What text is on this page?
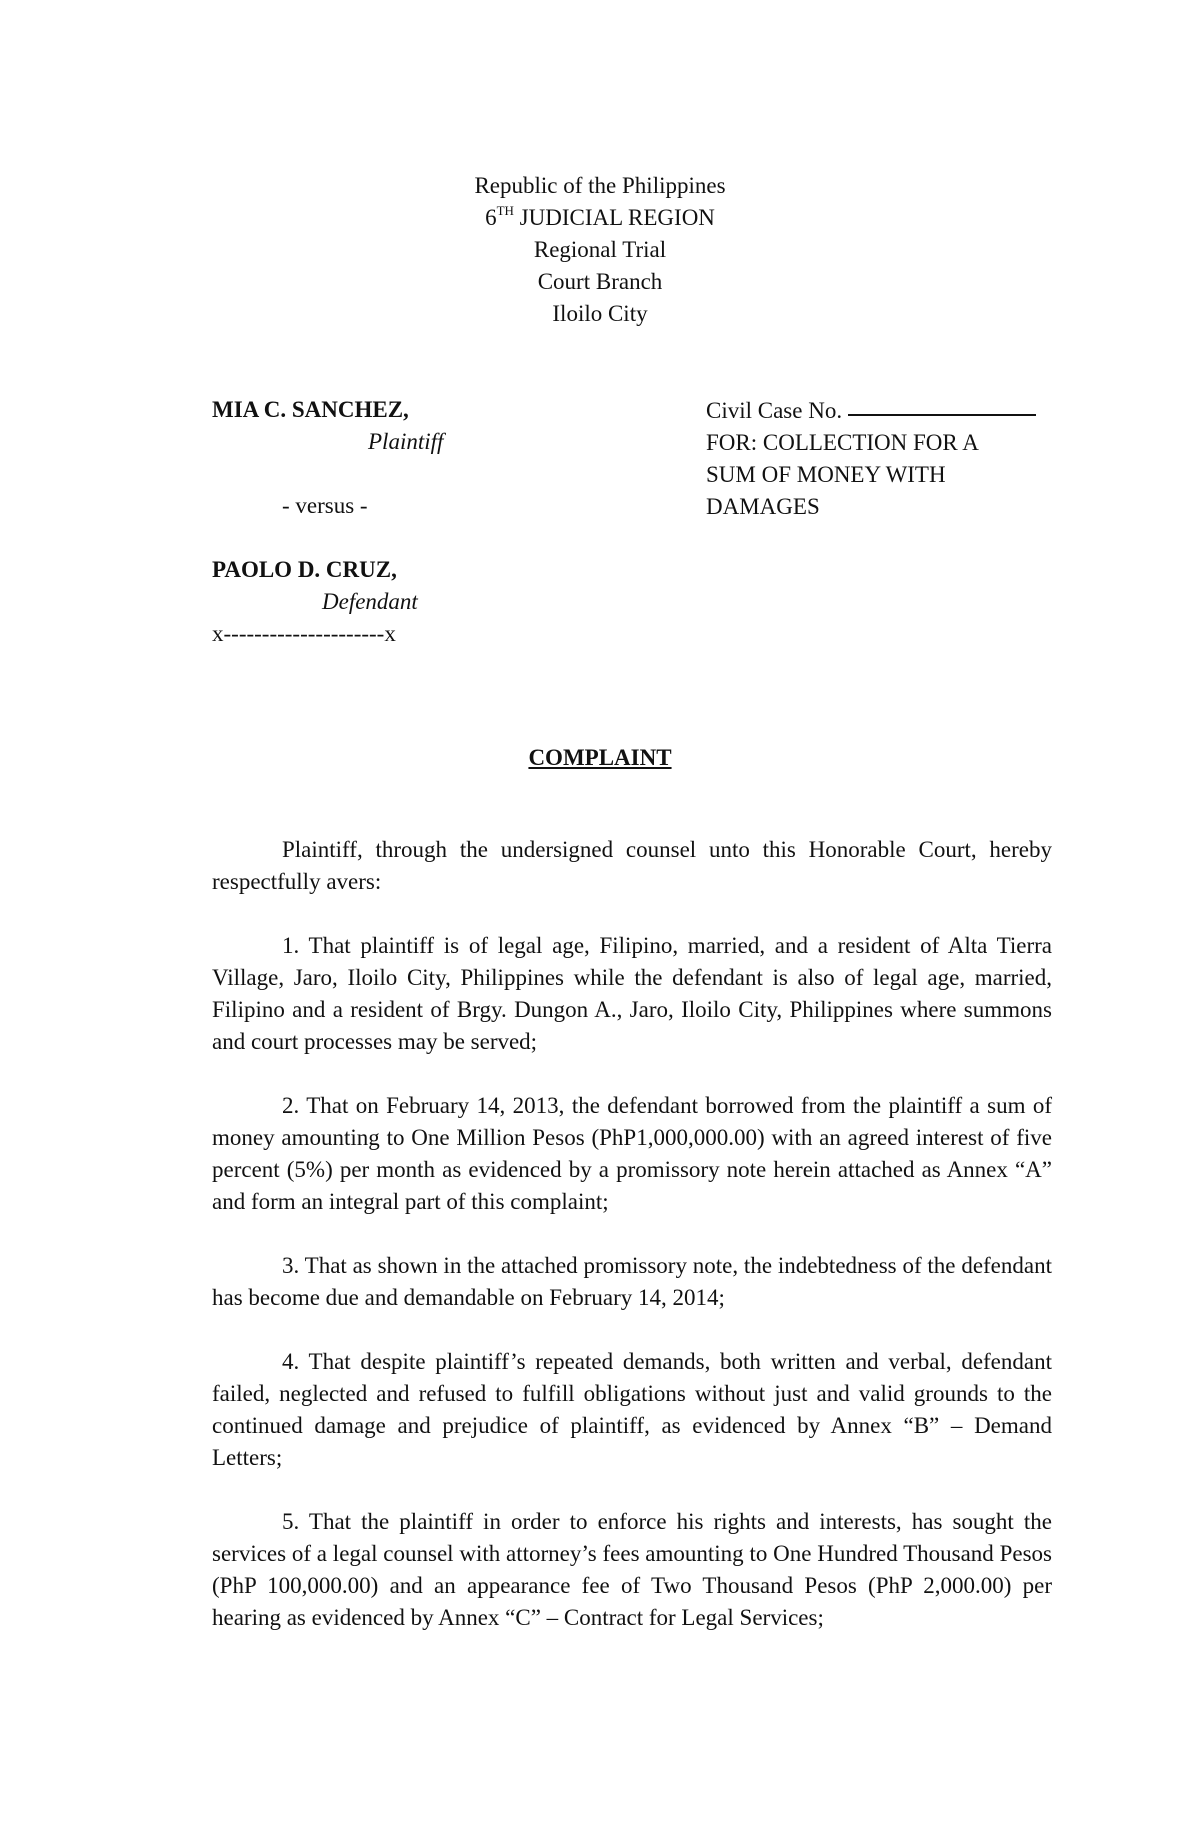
Republic of the Philippines
6TH JUDICIAL REGION
Regional Trial
Court Branch
Iloilo City
MIA C. SANCHEZ,
Plaintiff
- versus -
PAOLO D. CRUZ,
Defendant
x---------------------x
Civil Case No.
FOR: COLLECTION FOR A
SUM OF MONEY WITH
DAMAGES
COMPLAINT

Plaintiff, through the undersigned counsel unto this Honorable Court, hereby respectfully avers:

1. That plaintiff is of legal age, Filipino, married, and a resident of Alta Tierra Village, Jaro, Iloilo City, Philippines while the defendant is also of legal age, married, Filipino and a resident of Brgy. Dungon A., Jaro, Iloilo City, Philippines where summons and court processes may be served;

2. That on February 14, 2013, the defendant borrowed from the plaintiff a sum of money amounting to One Million Pesos (PhP1,000,000.00) with an agreed interest of five percent (5%) per month as evidenced by a promissory note herein attached as Annex “A” and form an integral part of this complaint;

3. That as shown in the attached promissory note, the indebtedness of the defendant has become due and demandable on February 14, 2014;

4. That despite plaintiff’s repeated demands, both written and verbal, defendant failed, neglected and refused to fulfill obligations without just and valid grounds to the continued damage and prejudice of plaintiff, as evidenced by Annex “B” – Demand Letters;

5. That the plaintiff in order to enforce his rights and interests, has sought the services of a legal counsel with attorney’s fees amounting to One Hundred Thousand Pesos (PhP 100,000.00) and an appearance fee of Two Thousand Pesos (PhP 2,000.00) per hearing as evidenced by Annex “C” – Contract for Legal Services;
